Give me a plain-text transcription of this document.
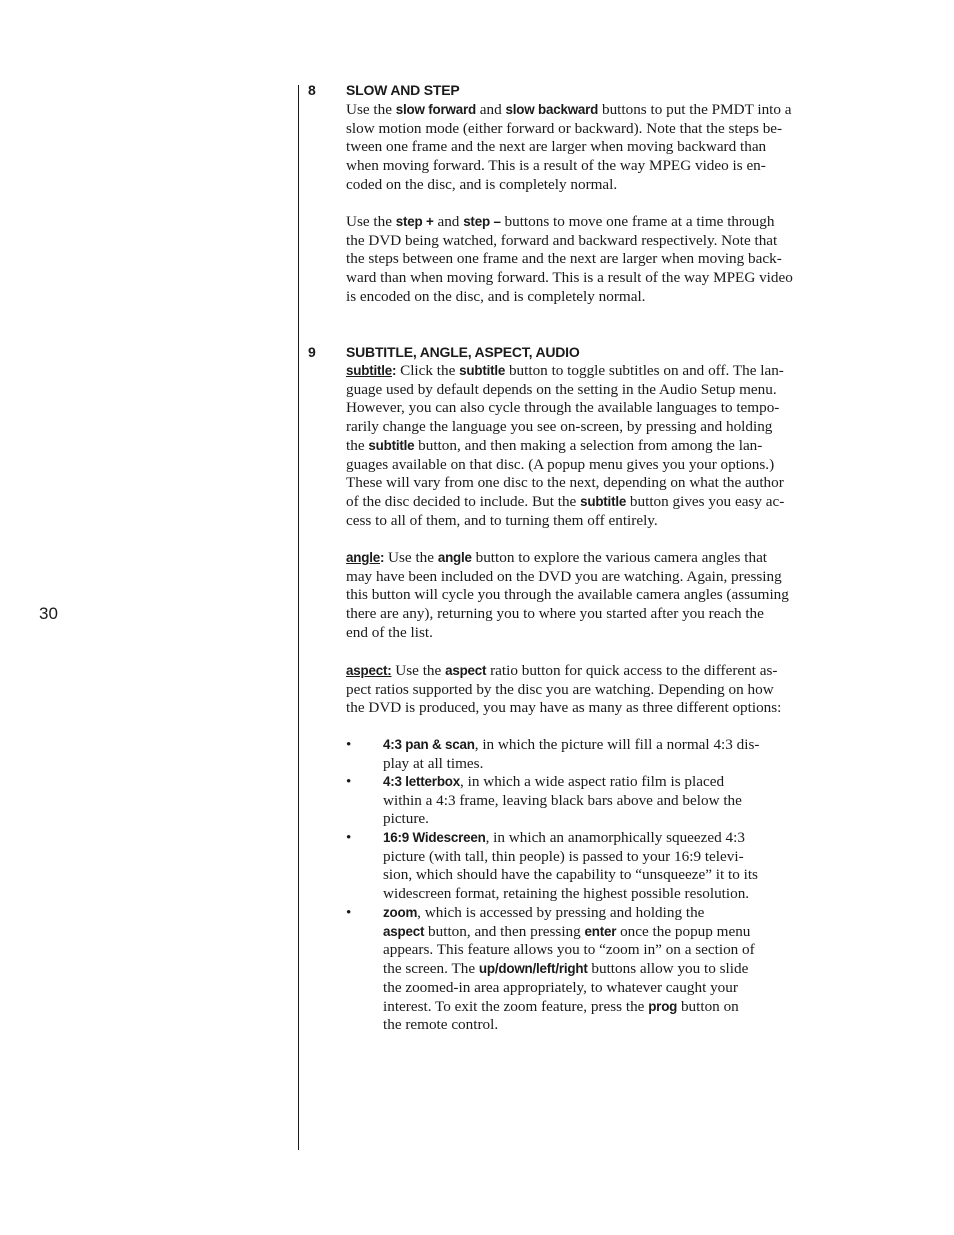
30
8 SLOW AND STEP
Use the slow forward and slow backward buttons to put the PMDT into a
slow motion mode (either forward or backward). Note that the steps be-
tween one frame and the next are larger when moving backward than
when moving forward. This is a result of the way MPEG video is en-
coded on the disc, and is completely normal.
Use the step + and step – buttons to move one frame at a time through
the DVD being watched, forward and backward respectively. Note that
the steps between one frame and the next are larger when moving back-
ward than when moving forward. This is a result of the way MPEG video
is encoded on the disc, and is completely normal.
9 SUBTITLE, ANGLE, ASPECT, AUDIO
subtitle: Click the subtitle button to toggle subtitles on and off. The lan-
guage used by default depends on the setting in the Audio Setup menu.
However, you can also cycle through the available languages to tempo-
rarily change the language you see on-screen, by pressing and holding
the subtitle button, and then making a selection from among the lan-
guages available on that disc. (A popup menu gives you your options.)
These will vary from one disc to the next, depending on what the author
of the disc decided to include. But the subtitle button gives you easy ac-
cess to all of them, and to turning them off entirely.
angle: Use the angle button to explore the various camera angles that
may have been included on the DVD you are watching. Again, pressing
this button will cycle you through the available camera angles (assuming
there are any), returning you to where you started after you reach the
end of the list.
aspect: Use the aspect ratio button for quick access to the different as-
pect ratios supported by the disc you are watching. Depending on how
the DVD is produced, you may have as many as three different options:
• 4:3 pan & scan, in which the picture will fill a normal 4:3 dis-
play at all times.
• 4:3 letterbox, in which a wide aspect ratio film is placed
within a 4:3 frame, leaving black bars above and below the
picture.
• 16:9 Widescreen, in which an anamorphically squeezed 4:3
picture (with tall, thin people) is passed to your 16:9 televi-
sion, which should have the capability to “unsqueeze” it to its
widescreen format, retaining the highest possible resolution.
• zoom, which is accessed by pressing and holding the
aspect button, and then pressing enter once the popup menu
appears. This feature allows you to “zoom in” on a section of
the screen. The up/down/left/right buttons allow you to slide
the zoomed-in area appropriately, to whatever caught your
interest. To exit the zoom feature, press the prog button on
the remote control.
